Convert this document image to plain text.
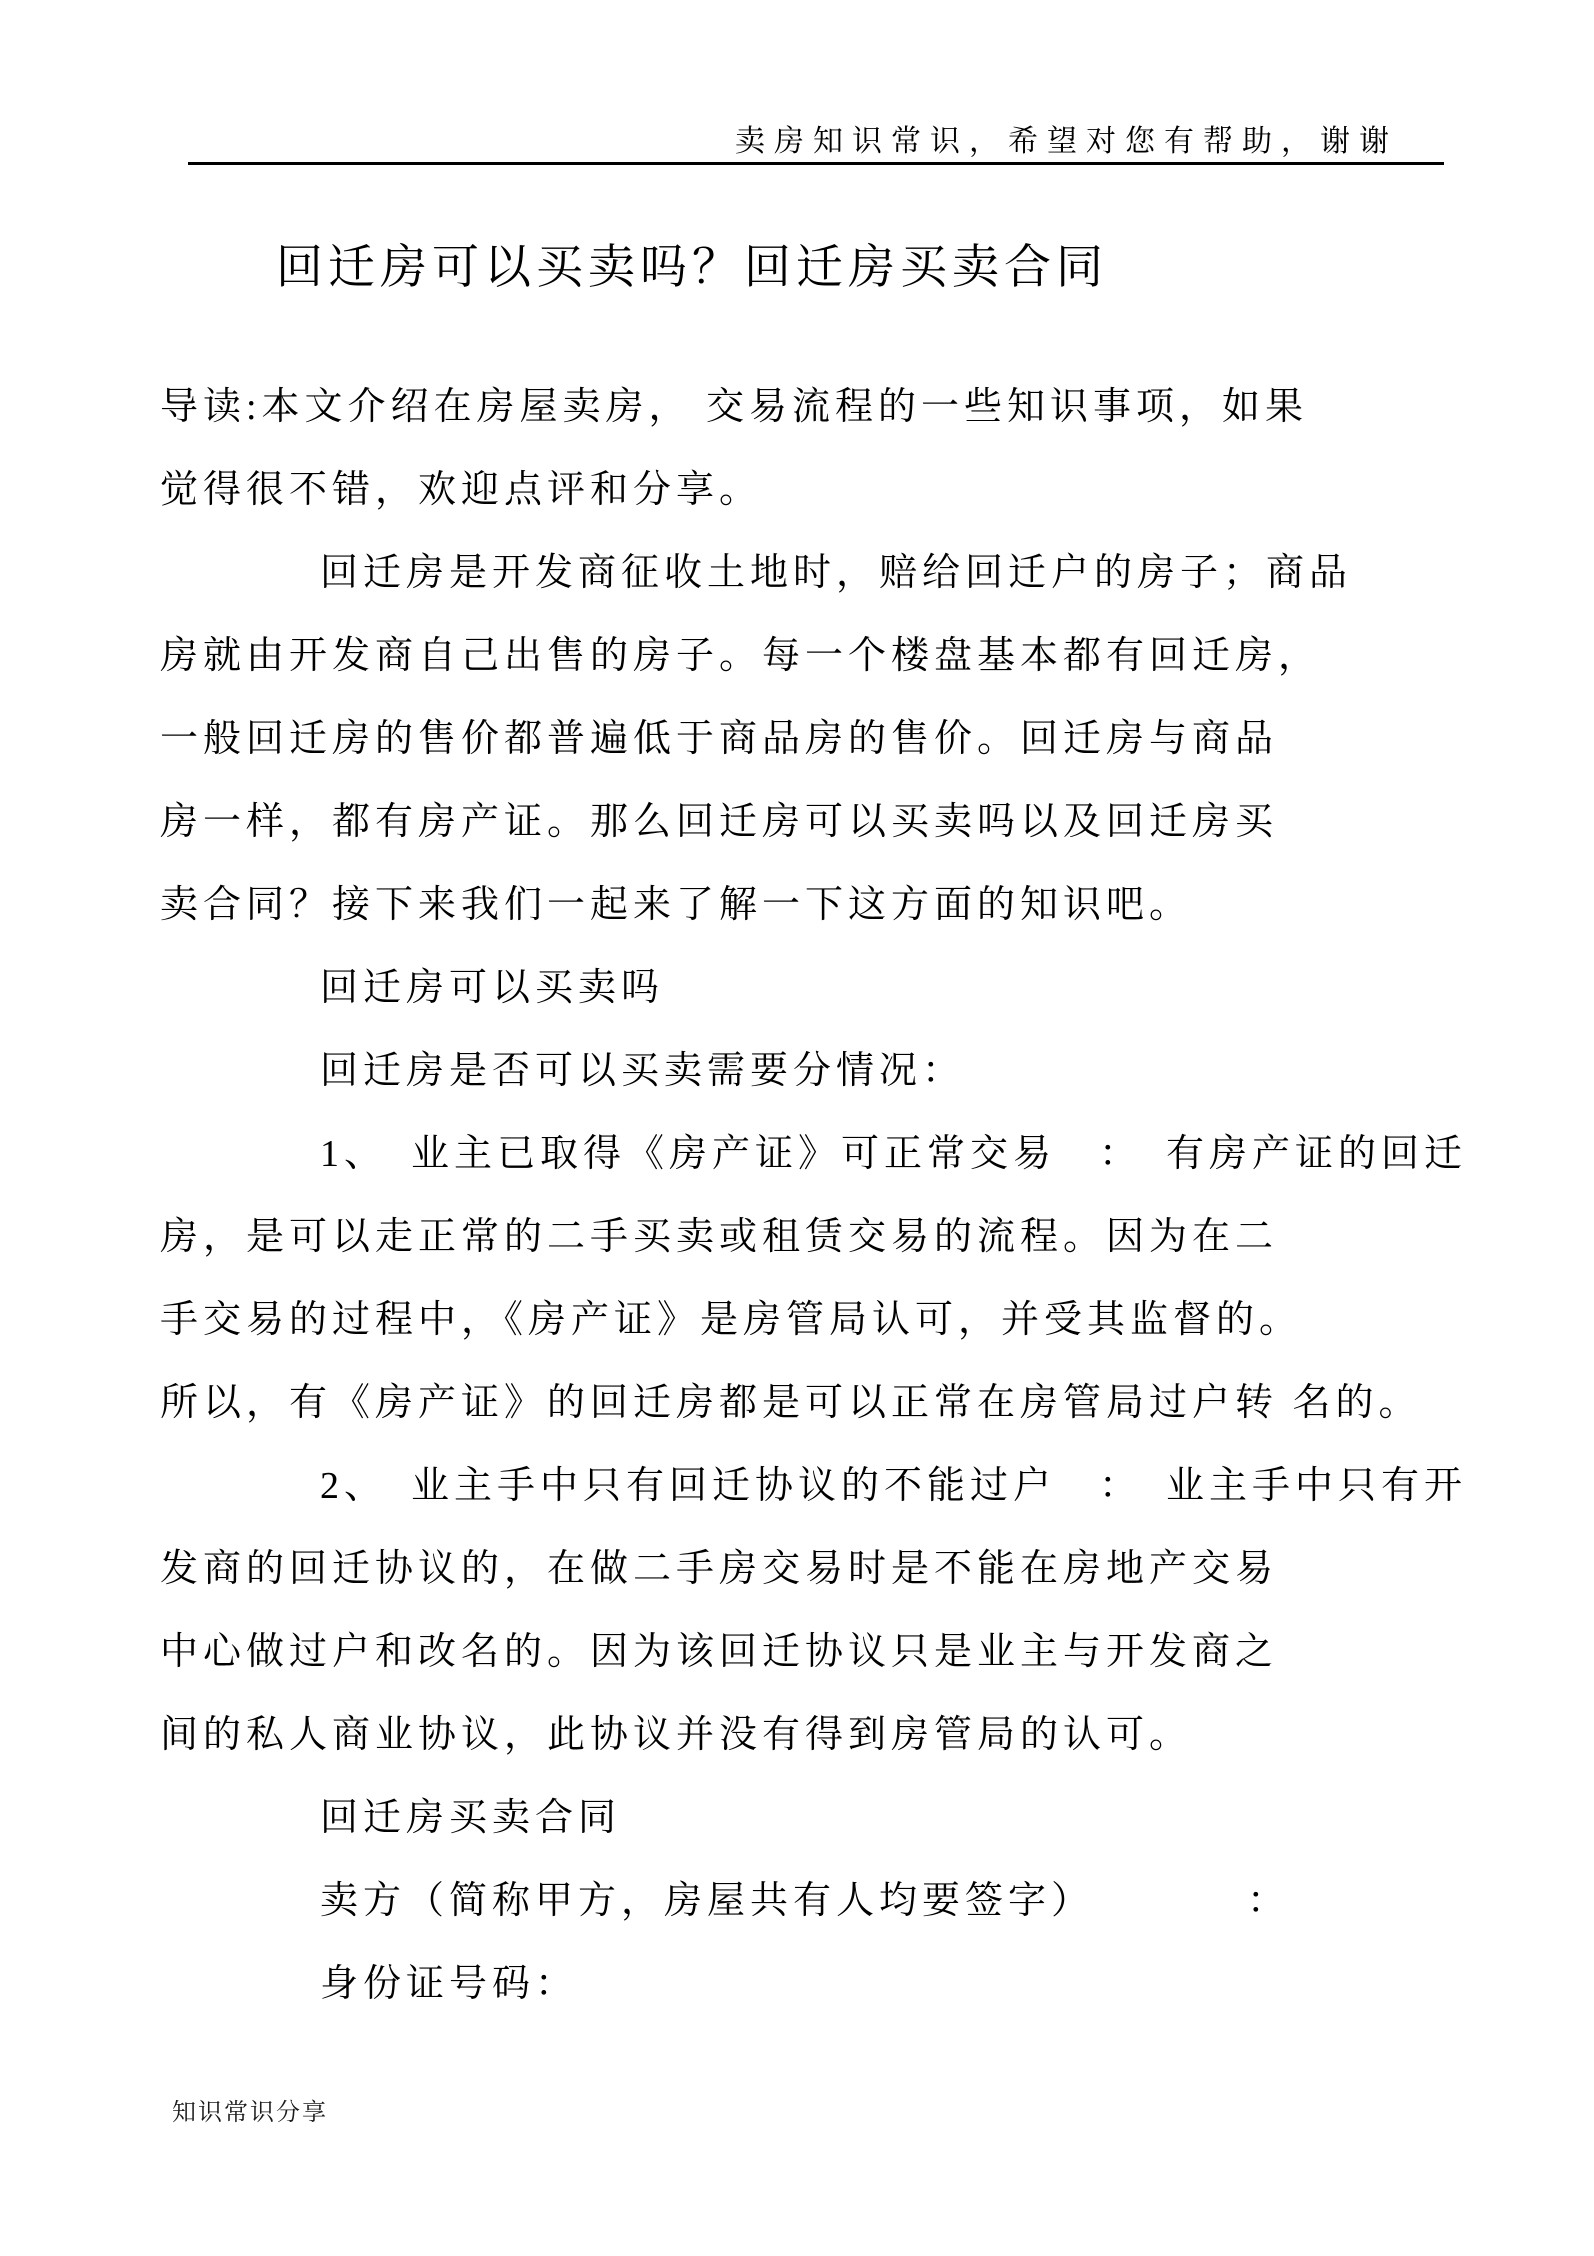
卖房知识常识，希望对您有帮助，谢谢
回迁房可以买卖吗？回迁房买卖合同
导读:本文介绍在房屋卖房， 交易流程的一些知识事项，如果
觉得很不错，欢迎点评和分享。
回迁房是开发商征收土地时，赔给回迁户的房子；商品
房就由开发商自己出售的房子。每一个楼盘基本都有回迁房，
一般回迁房的售价都普遍低于商品房的售价。回迁房与商品
房一样，都有房产证。那么回迁房可以买卖吗以及回迁房买
卖合同？接下来我们一起来了解一下这方面的知识吧。
回迁房可以买卖吗
回迁房是否可以买卖需要分情况：
1、　业主已取得《房产证》可正常交易　：　有房产证的回迁
房，是可以走正常的二手买卖或租赁交易的流程。因为在二
手交易的过程中，《房产证》是房管局认可，并受其监督的。
所以，有《房产证》的回迁房都是可以正常在房管局过户转 名的。
2、　业主手中只有回迁协议的不能过户　：　业主手中只有开
发商的回迁协议的，在做二手房交易时是不能在房地产交易
中心做过户和改名的。因为该回迁协议只是业主与开发商之
间的私人商业协议，此协议并没有得到房管局的认可。
回迁房买卖合同
卖方（简称甲方，房屋共有人均要签字）　　　　：
身份证号码：
知识常识分享
